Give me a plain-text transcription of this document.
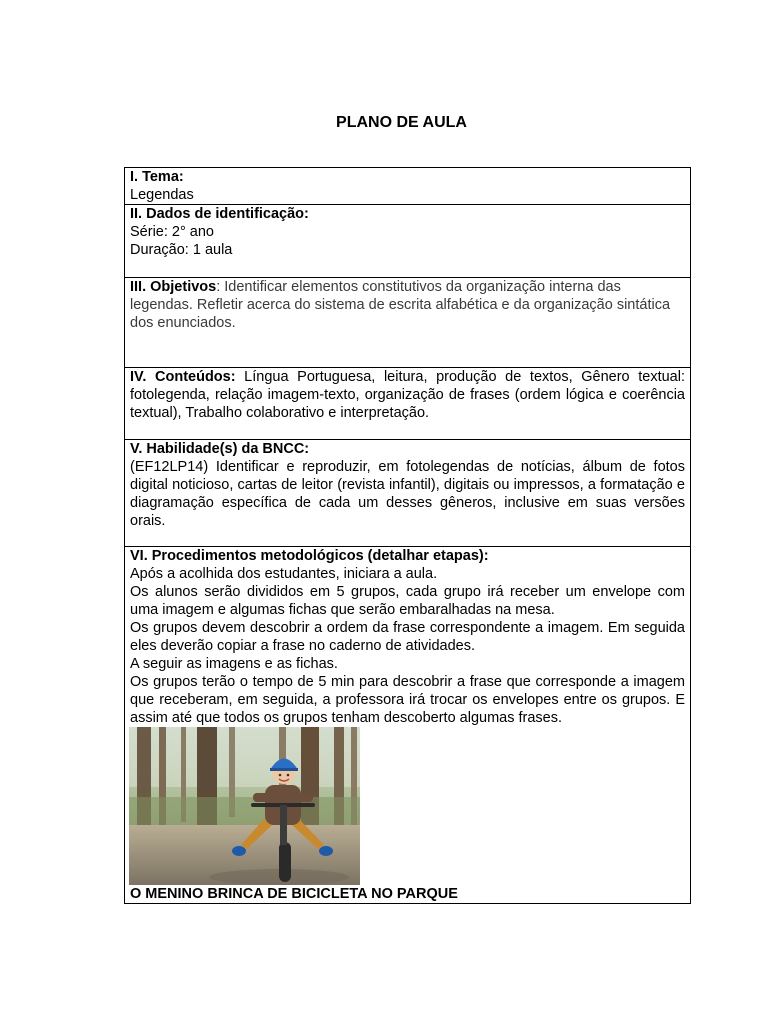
PLANO DE AULA
I. Tema:
Legendas

II. Dados de identificação:
Série: 2° ano
Duração: 1 aula

III. Objetivos: Identificar elementos constitutivos da organização interna das legendas. Refletir acerca do sistema de escrita alfabética e da organização sintática dos enunciados.
IV. Conteúdos: Língua Portuguesa, leitura, produção de textos, Gênero textual: fotolegenda, relação imagem-texto, organização de frases (ordem lógica e coerência textual), Trabalho colaborativo e interpretação.

V. Habilidade(s) da BNCC:
(EF12LP14) Identificar e reproduzir, em fotolegendas de notícias, álbum de fotos digital noticioso, cartas de leitor (revista infantil), digitais ou impressos, a formatação e diagramação específica de cada um desses gêneros, inclusive em suas versões orais.

VI. Procedimentos metodológicos (detalhar etapas):
Após a acolhida dos estudantes, iniciara a aula.
Os alunos serão divididos em 5 grupos, cada grupo irá receber um envelope com uma imagem e algumas fichas que serão embaralhadas na mesa.
Os grupos devem descobrir a ordem da frase correspondente a imagem. Em seguida eles deverão copiar a frase no caderno de atividades.
A seguir as imagens e as fichas.
Os grupos terão o tempo de 5 min para descobrir a frase que corresponde a imagem que receberam, em seguida, a professora irá trocar os envelopes entre os grupos. E assim até que todos os grupos tenham descoberto algumas frases.
O MENINO BRINCA DE BICICLETA NO PARQUE
